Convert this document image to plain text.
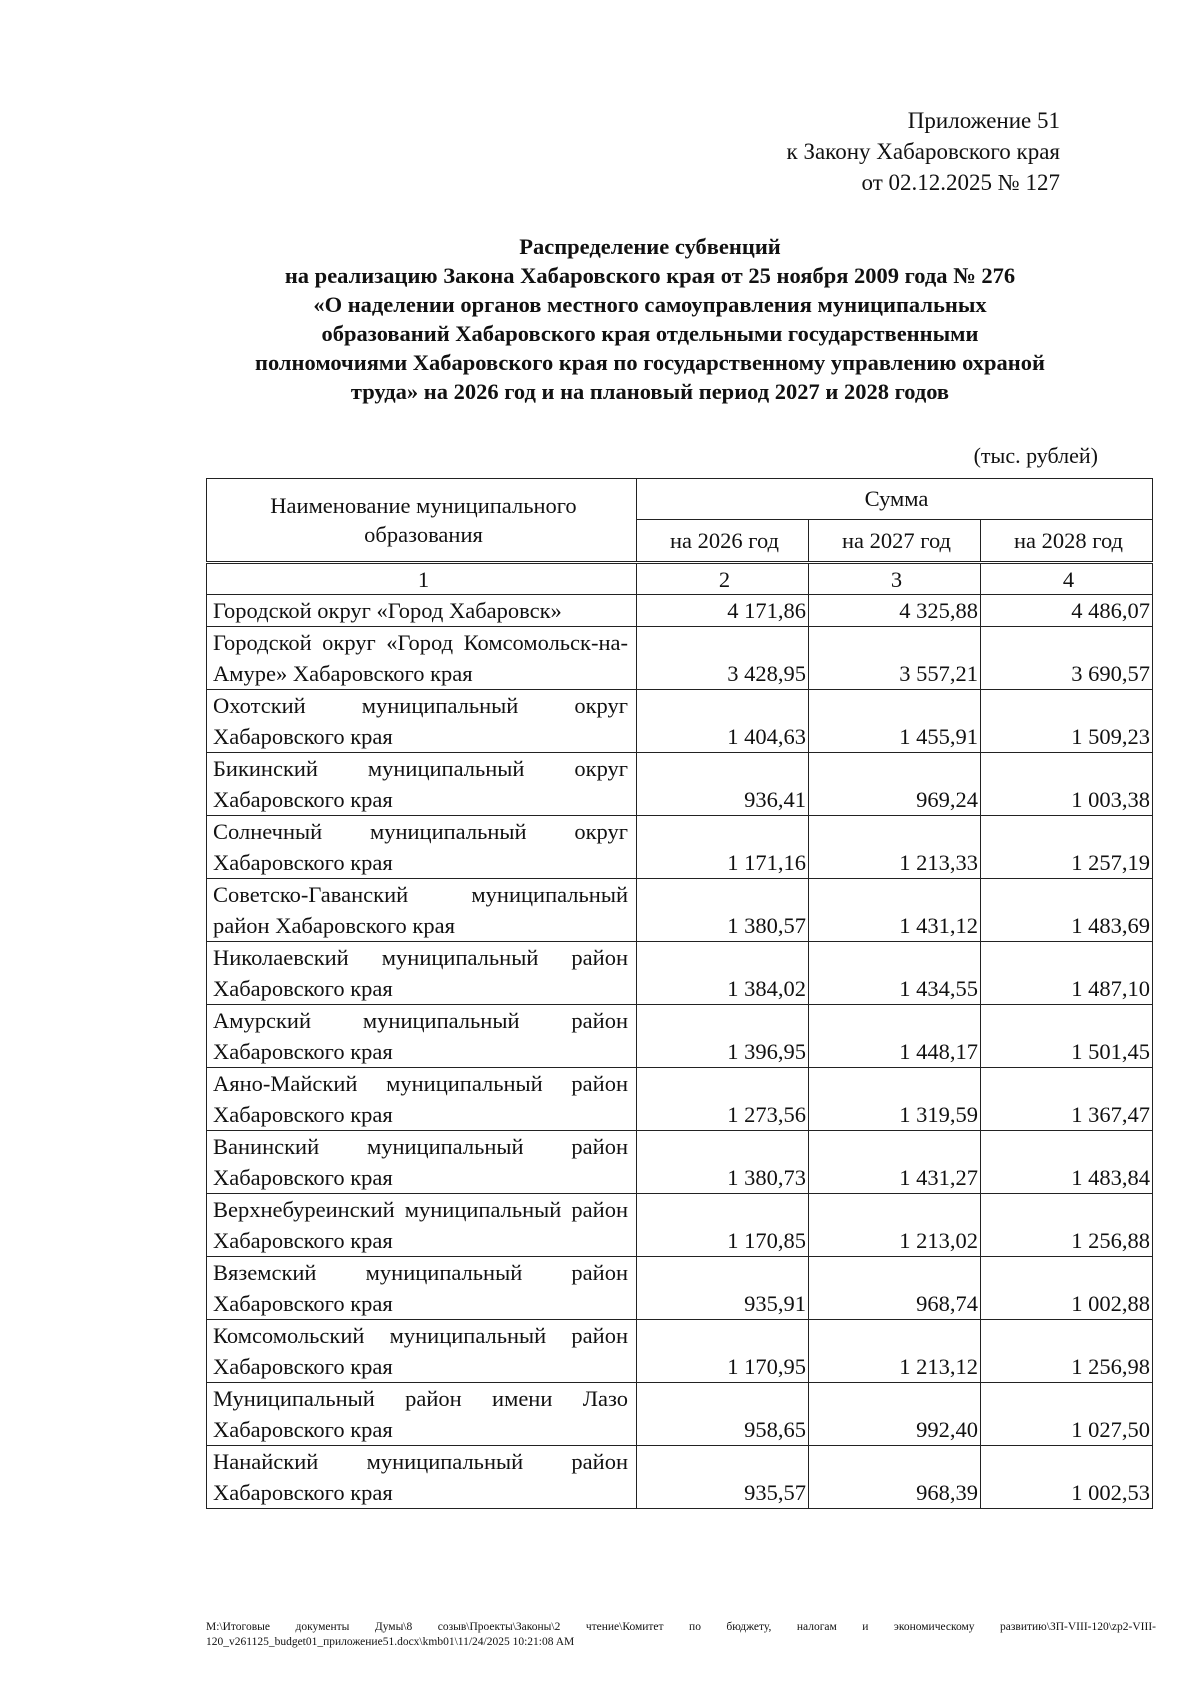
Приложение 51
к Закону Хабаровского края
от 02.12.2025 № 127
Распределение субвенций
на реализацию Закона Хабаровского края от 25 ноября 2009 года № 276
«О наделении органов местного самоуправления муниципальных
образований Хабаровского края отдельными государственными
полномочиями Хабаровского края по государственному управлению охраной
труда» на 2026 год и на плановый период 2027 и 2028 годов
(тыс. рублей)
Наименование муниципального образования	Сумма		
	на 2026 год	на 2027 год	на 2028 год
1	2	3	4
Городской округ «Город Хабаровск»	4 171,86	4 325,88	4 486,07
Городской округ «Город Комсомольск-на-Амуре» Хабаровского края	3 428,95	3 557,21	3 690,57
Охотский муниципальный округ Хабаровского края	1 404,63	1 455,91	1 509,23
Бикинский муниципальный округ Хабаровского края	936,41	969,24	1 003,38
Солнечный муниципальный округ Хабаровского края	1 171,16	1 213,33	1 257,19
Советско-Гаванский муниципальный район Хабаровского края	1 380,57	1 431,12	1 483,69
Николаевский муниципальный район Хабаровского края	1 384,02	1 434,55	1 487,10
Амурский муниципальный район Хабаровского края	1 396,95	1 448,17	1 501,45
Аяно-Майский муниципальный район Хабаровского края	1 273,56	1 319,59	1 367,47
Ванинский муниципальный район Хабаровского края	1 380,73	1 431,27	1 483,84
Верхнебуреинский муниципальный район Хабаровского края	1 170,85	1 213,02	1 256,88
Вяземский муниципальный район Хабаровского края	935,91	968,74	1 002,88
Комсомольский муниципальный район Хабаровского края	1 170,95	1 213,12	1 256,98
Муниципальный район имени Лазо Хабаровского края	958,65	992,40	1 027,50
Нанайский муниципальный район Хабаровского края	935,57	968,39	1 002,53
M:\Итоговые документы Думы\8 созыв\Проекты\Законы\2 чтение\Комитет по бюджету, налогам и экономическому развитию\ЗП-VIII-120\zp2-VIII-120_v261125_budget01_приложение51.docx\kmb01\11/24/2025 10:21:08 AM
